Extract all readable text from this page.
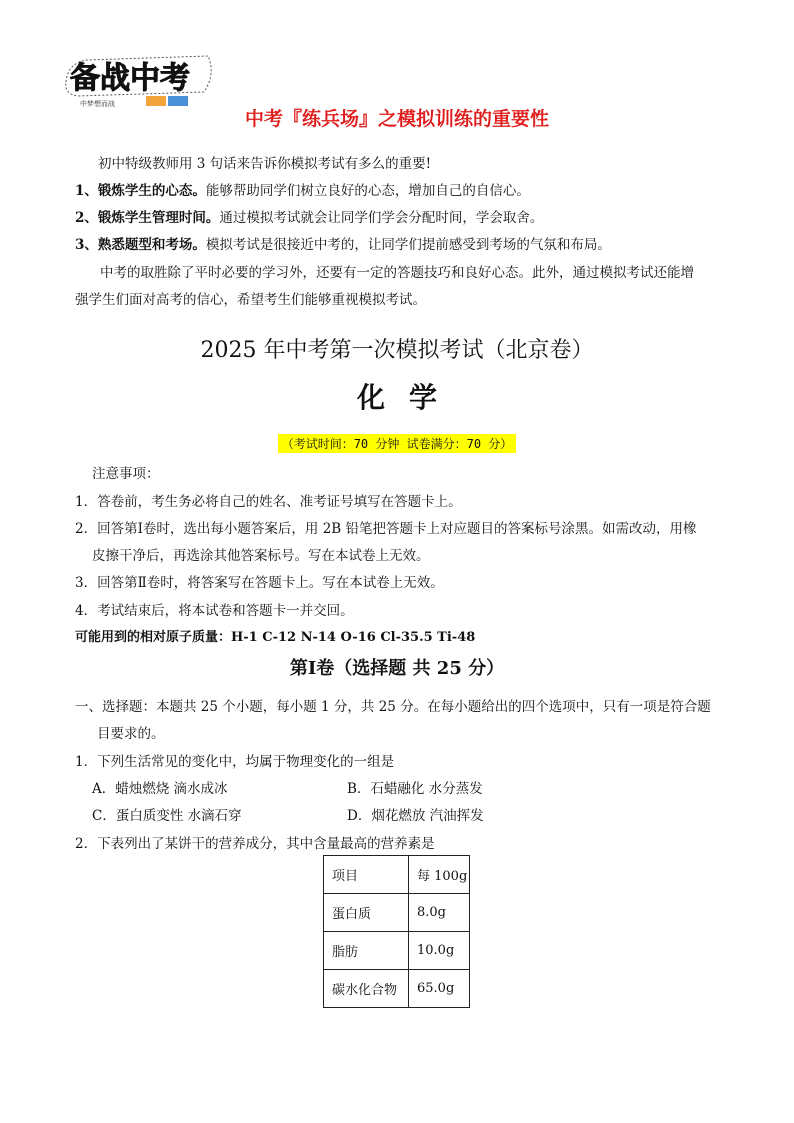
备战中考
中梦想而战
中考『练兵场』之模拟训练的重要性
初中特级教师用 3 句话来告诉你模拟考试有多么的重要!
1、锻炼学生的心态。能够帮助同学们树立良好的心态，增加自己的自信心。
2、锻炼学生管理时间。通过模拟考试就会让同学们学会分配时间，学会取舍。
3、熟悉题型和考场。模拟考试是很接近中考的，让同学们提前感受到考场的气氛和布局。
中考的取胜除了平时必要的学习外，还要有一定的答题技巧和良好心态。此外，通过模拟考试还能增
强学生们面对高考的信心，希望考生们能够重视模拟考试。
2025 年中考第一次模拟考试（北京卷）
化学
（考试时间：70 分钟 试卷满分：70 分）
注意事项：
1．答卷前，考生务必将自己的姓名、准考证号填写在答题卡上。
2．回答第Ⅰ卷时，选出每小题答案后，用 2B 铅笔把答题卡上对应题目的答案标号涂黑。如需改动，用橡
皮擦干净后，再选涂其他答案标号。写在本试卷上无效。
3．回答第Ⅱ卷时，将答案写在答题卡上。写在本试卷上无效。
4．考试结束后，将本试卷和答题卡一并交回。
可能用到的相对原子质量：H-1 C-12 N-14 O-16 Cl-35.5 Ti-48
第Ⅰ卷（选择题 共 25 分）
一、选择题：本题共 25 个小题，每小题 1 分，共 25 分。在每小题给出的四个选项中，只有一项是符合题
目要求的。
1．下列生活常见的变化中，均属于物理变化的一组是
A．蜡烛燃烧 滴水成冰	B．石蜡融化 水分蒸发
C．蛋白质变性 水滴石穿	D．烟花燃放 汽油挥发
2．下表列出了某饼干的营养成分，其中含量最高的营养素是
项目	每 100g
蛋白质	8.0g
脂肪	10.0g
碳水化合物	65.0g
